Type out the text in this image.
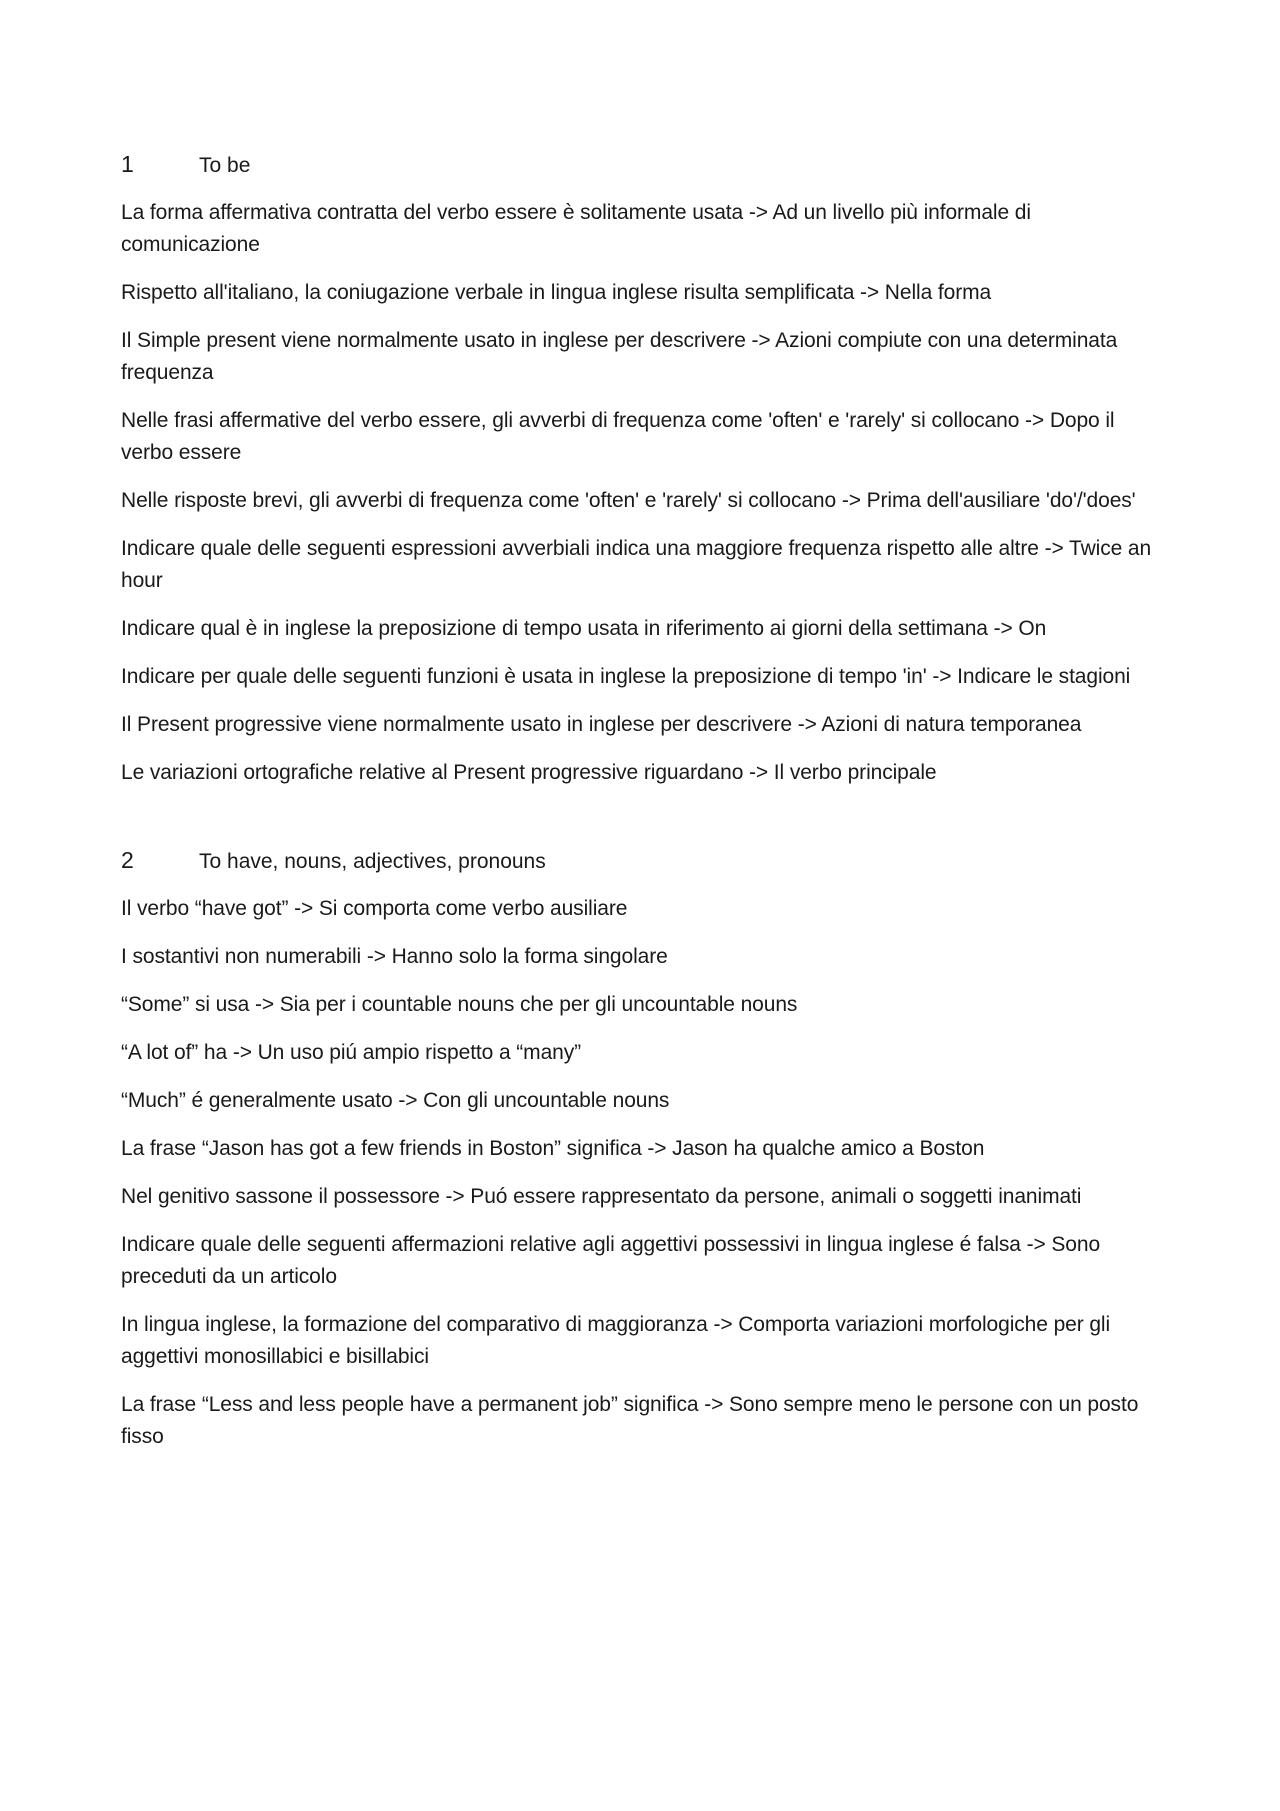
1	To be

La forma affermativa contratta del verbo essere è solitamente usata -> Ad un livello più informale di comunicazione

Rispetto all'italiano, la coniugazione verbale in lingua inglese risulta semplificata -> Nella forma

Il Simple present viene normalmente usato in inglese per descrivere -> Azioni compiute con una determinata frequenza

Nelle frasi affermative del verbo essere, gli avverbi di frequenza come 'often' e 'rarely' si collocano -> Dopo il verbo essere

Nelle risposte brevi, gli avverbi di frequenza come 'often' e 'rarely' si collocano -> Prima dell'ausiliare 'do'/'does'

Indicare quale delle seguenti espressioni avverbiali indica una maggiore frequenza rispetto alle altre -> Twice an hour

Indicare qual è in inglese la preposizione di tempo usata in riferimento ai giorni della settimana -> On

Indicare per quale delle seguenti funzioni è usata in inglese la preposizione di tempo 'in' -> Indicare le stagioni

Il Present progressive viene normalmente usato in inglese per descrivere -> Azioni di natura temporanea

Le variazioni ortografiche relative al Present progressive riguardano -> Il verbo principale

2	To have, nouns, adjectives, pronouns

Il verbo “have got” -> Si comporta come verbo ausiliare

I sostantivi non numerabili -> Hanno solo la forma singolare

“Some” si usa -> Sia per i countable nouns che per gli uncountable nouns

“A lot of” ha -> Un uso piú ampio rispetto a “many”

“Much” é generalmente usato -> Con gli uncountable nouns

La frase “Jason has got a few friends in Boston” significa -> Jason ha qualche amico a Boston

Nel genitivo sassone il possessore -> Puó essere rappresentato da persone, animali o soggetti inanimati

Indicare quale delle seguenti affermazioni relative agli aggettivi possessivi in lingua inglese é falsa -> Sono preceduti da un articolo

In lingua inglese, la formazione del comparativo di maggioranza -> Comporta variazioni morfologiche per gli aggettivi monosillabici e bisillabici

La frase “Less and less people have a permanent job” significa -> Sono sempre meno le persone con un posto fisso
